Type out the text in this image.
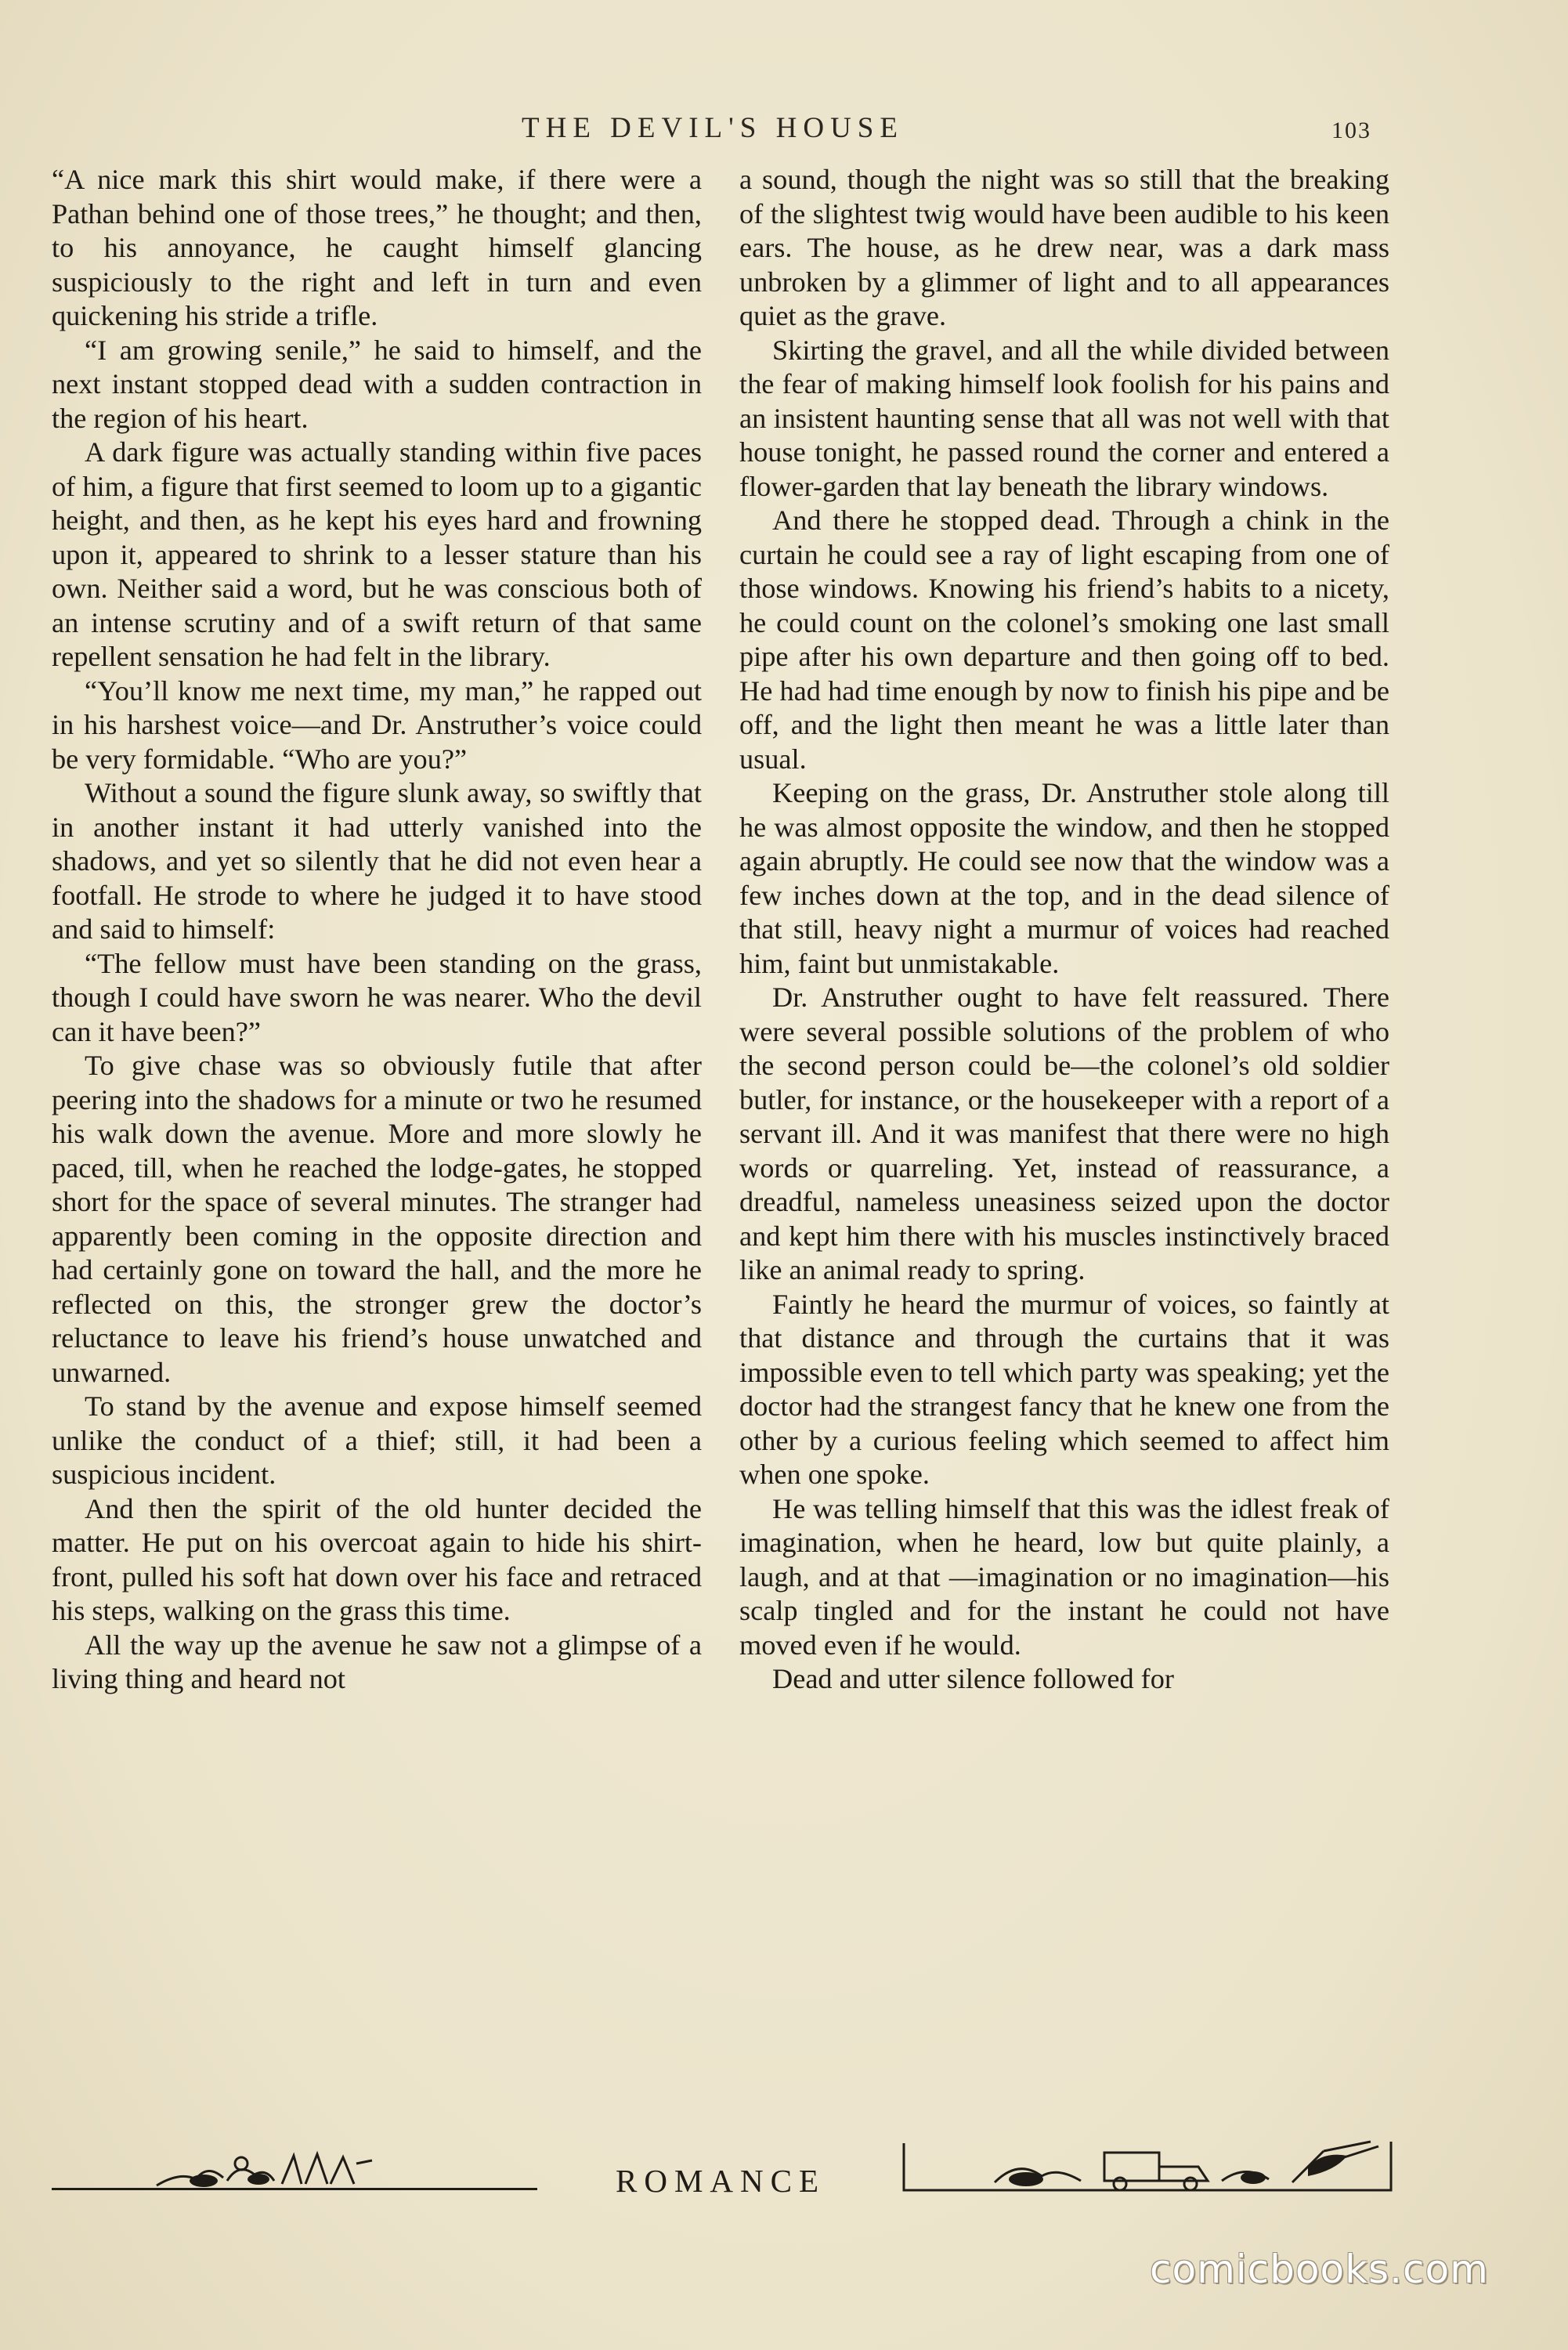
THE DEVIL'S HOUSE	103

“A nice mark this shirt would make, if there were a Pathan behind one of those trees,” he thought; and then, to his annoyance, he caught himself glancing suspiciously to the right and left in turn and even quickening his stride a trifle.

“I am growing senile,” he said to himself, and the next instant stopped dead with a sudden contraction in the region of his heart.

A dark figure was actually standing within five paces of him, a figure that first seemed to loom up to a gigantic height, and then, as he kept his eyes hard and frowning upon it, appeared to shrink to a lesser stature than his own. Neither said a word, but he was conscious both of an intense scrutiny and of a swift return of that same repellent sensation he had felt in the library.

“You’ll know me next time, my man,” he rapped out in his harshest voice—and Dr. Anstruther’s voice could be very formidable. “Who are you?”

Without a sound the figure slunk away, so swiftly that in another instant it had utterly vanished into the shadows, and yet so silently that he did not even hear a footfall. He strode to where he judged it to have stood and said to himself:

“The fellow must have been standing on the grass, though I could have sworn he was nearer. Who the devil can it have been?”

To give chase was so obviously futile that after peering into the shadows for a minute or two he resumed his walk down the avenue. More and more slowly he paced, till, when he reached the lodge-gates, he stopped short for the space of several minutes. The stranger had apparently been coming in the opposite direction and had certainly gone on toward the hall, and the more he reflected on this, the stronger grew the doctor’s reluctance to leave his friend’s house unwatched and unwarned.

To stand by the avenue and expose himself seemed unlike the conduct of a thief; still, it had been a suspicious incident.

And then the spirit of the old hunter decided the matter. He put on his overcoat again to hide his shirt-front, pulled his soft hat down over his face and retraced his steps, walking on the grass this time.

All the way up the avenue he saw not a glimpse of a living thing and heard not

a sound, though the night was so still that the breaking of the slightest twig would have been audible to his keen ears. The house, as he drew near, was a dark mass unbroken by a glimmer of light and to all appearances quiet as the grave.

Skirting the gravel, and all the while divided between the fear of making himself look foolish for his pains and an insistent haunting sense that all was not well with that house tonight, he passed round the corner and entered a flower-garden that lay beneath the library windows.

And there he stopped dead. Through a chink in the curtain he could see a ray of light escaping from one of those windows. Knowing his friend’s habits to a nicety, he could count on the colonel’s smoking one last small pipe after his own departure and then going off to bed. He had had time enough by now to finish his pipe and be off, and the light then meant he was a little later than usual.

Keeping on the grass, Dr. Anstruther stole along till he was almost opposite the window, and then he stopped again abruptly. He could see now that the window was a few inches down at the top, and in the dead silence of that still, heavy night a murmur of voices had reached him, faint but unmistakable.

Dr. Anstruther ought to have felt reassured. There were several possible solutions of the problem of who the second person could be—the colonel’s old soldier butler, for instance, or the housekeeper with a report of a servant ill. And it was manifest that there were no high words or quarreling. Yet, instead of reassurance, a dreadful, nameless uneasiness seized upon the doctor and kept him there with his muscles instinctively braced like an animal ready to spring.

Faintly he heard the murmur of voices, so faintly at that distance and through the curtains that it was impossible even to tell which party was speaking; yet the doctor had the strangest fancy that he knew one from the other by a curious feeling which seemed to affect him when one spoke.

He was telling himself that this was the idlest freak of imagination, when he heard, low but quite plainly, a laugh, and at that —imagination or no imagination—his scalp tingled and for the instant he could not have moved even if he would.

Dead and utter silence followed for

ROMANCE
comicbooks.com
